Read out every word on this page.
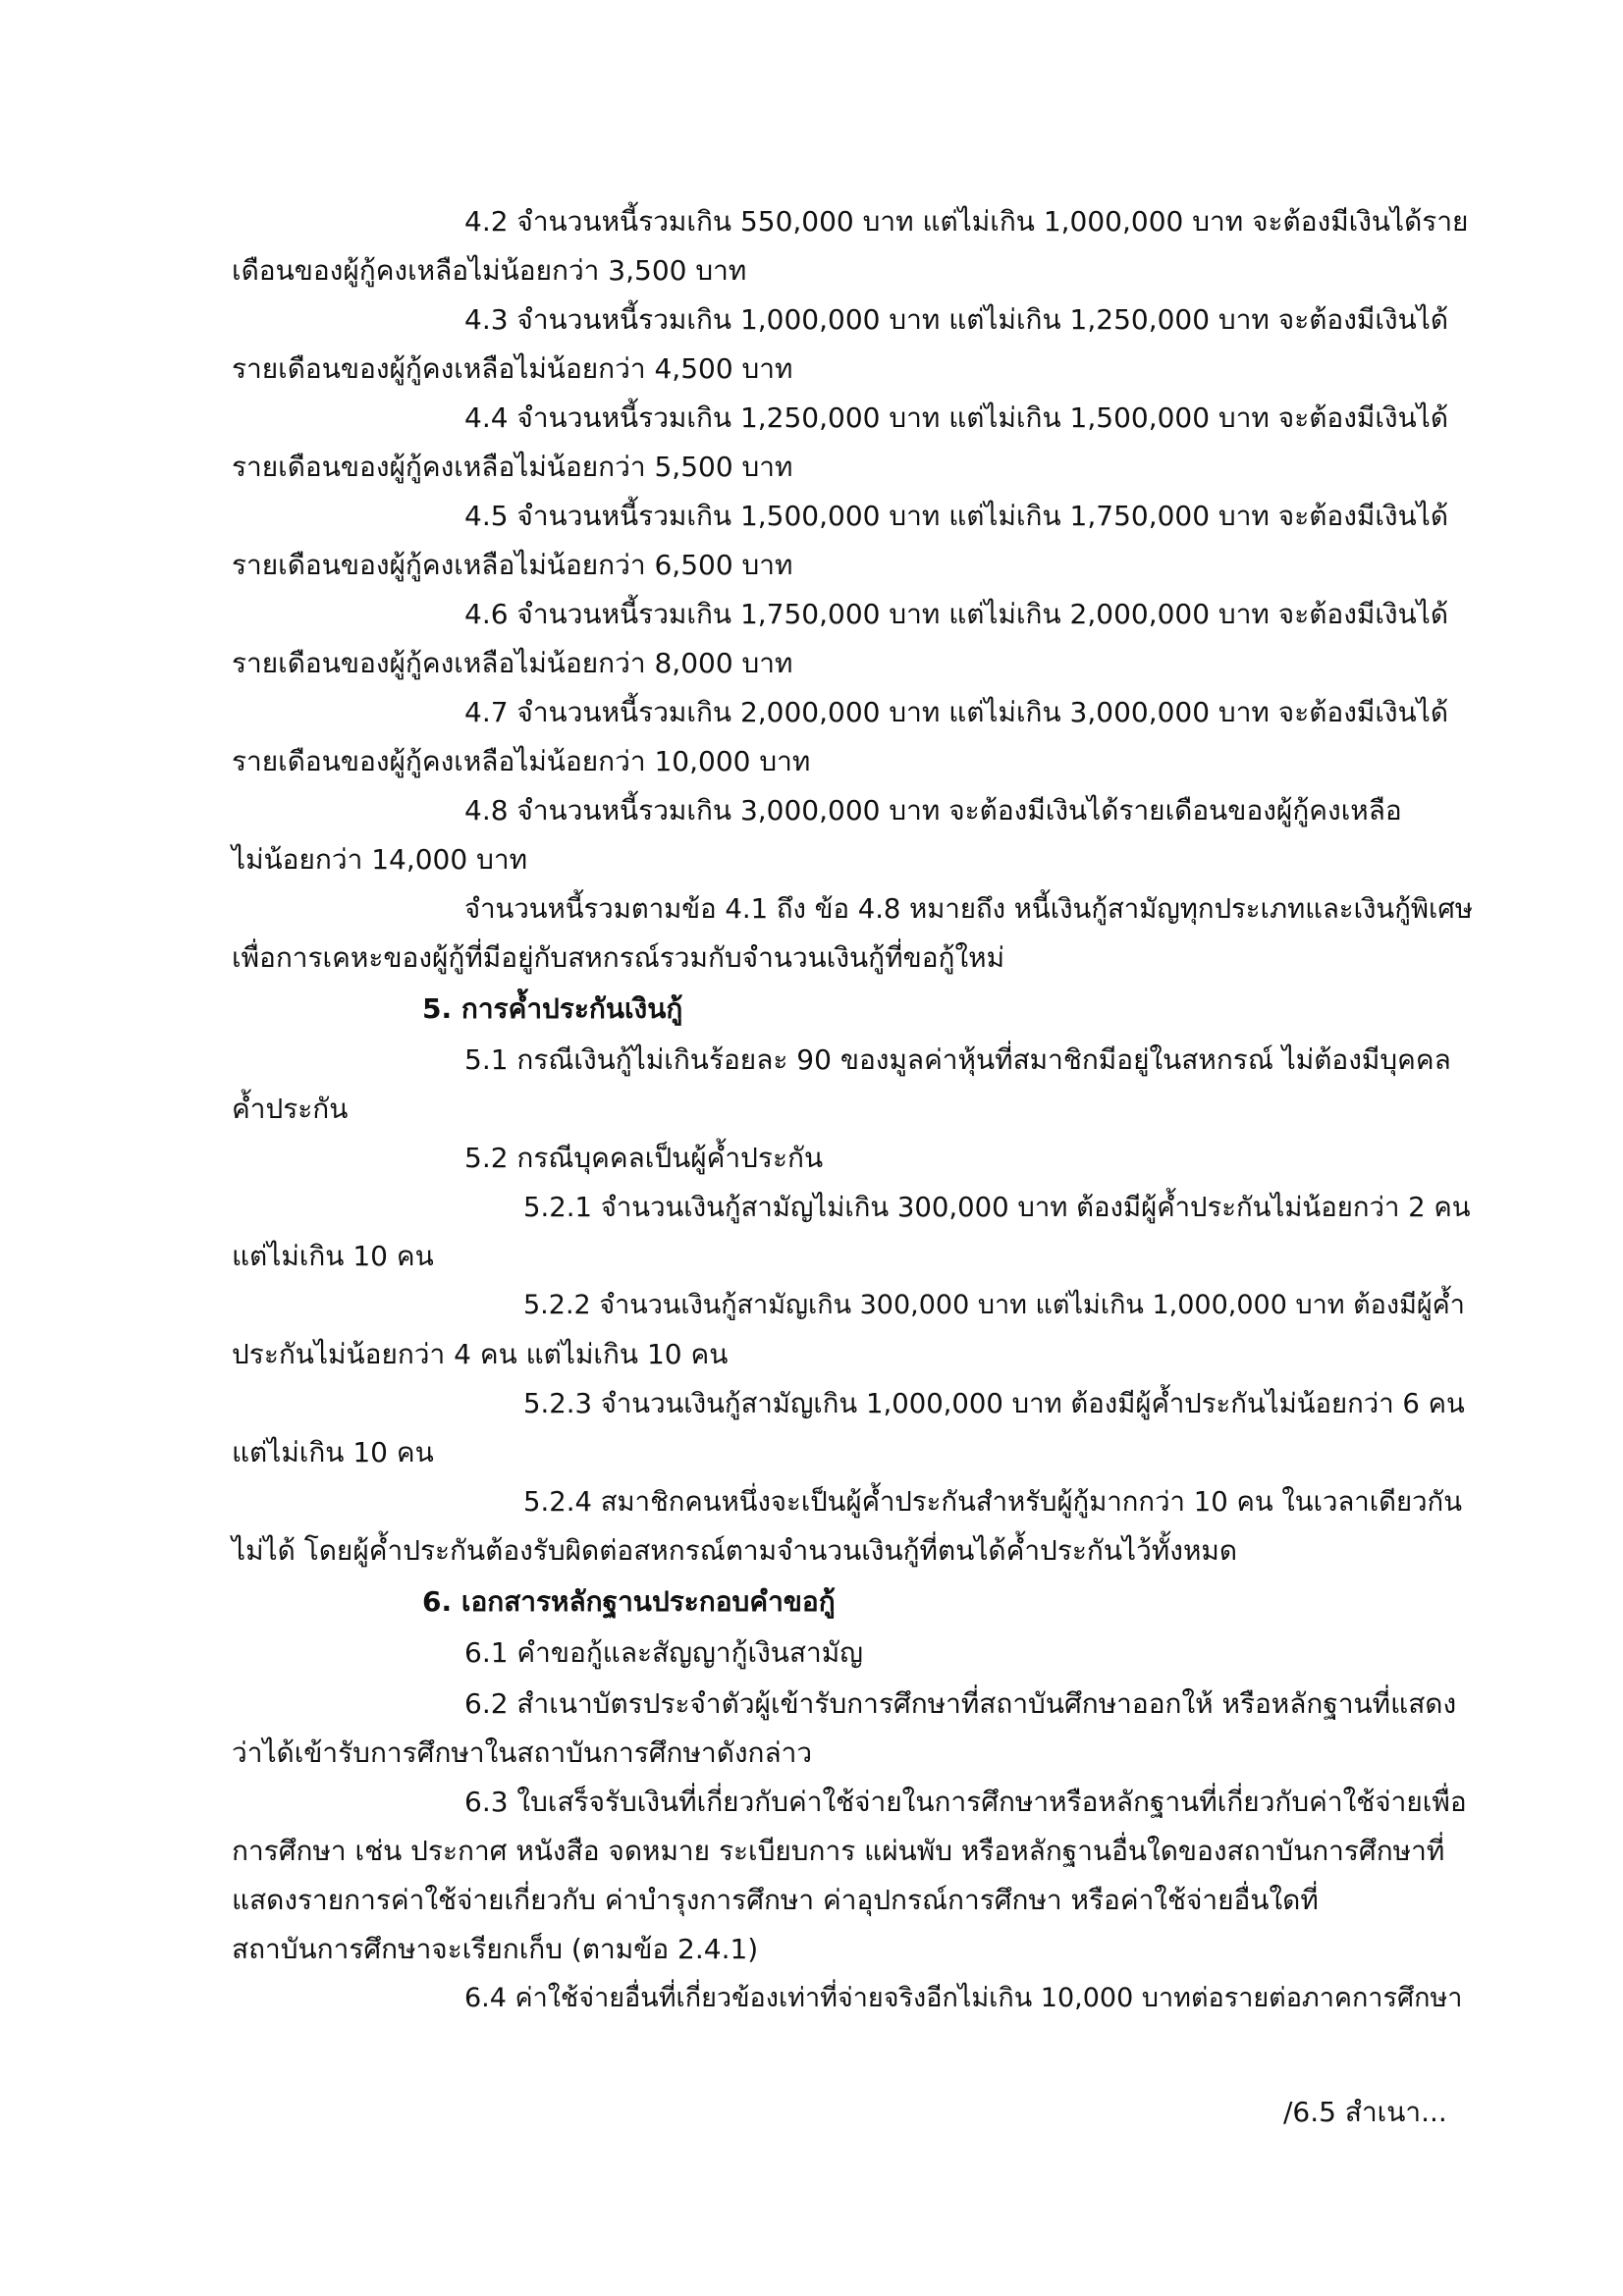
4.2 จำนวนหนี้รวมเกิน 550,000 บาท แต่ไม่เกิน 1,000,000 บาท จะต้องมีเงินได้ราย
เดือนของผู้กู้คงเหลือไม่น้อยกว่า 3,500 บาท
4.3 จำนวนหนี้รวมเกิน 1,000,000 บาท แต่ไม่เกิน 1,250,000 บาท จะต้องมีเงินได้
รายเดือนของผู้กู้คงเหลือไม่น้อยกว่า 4,500 บาท
4.4 จำนวนหนี้รวมเกิน 1,250,000 บาท แต่ไม่เกิน 1,500,000 บาท จะต้องมีเงินได้
รายเดือนของผู้กู้คงเหลือไม่น้อยกว่า 5,500 บาท
4.5 จำนวนหนี้รวมเกิน 1,500,000 บาท แต่ไม่เกิน 1,750,000 บาท จะต้องมีเงินได้
รายเดือนของผู้กู้คงเหลือไม่น้อยกว่า 6,500 บาท
4.6 จำนวนหนี้รวมเกิน 1,750,000 บาท แต่ไม่เกิน 2,000,000 บาท จะต้องมีเงินได้
รายเดือนของผู้กู้คงเหลือไม่น้อยกว่า 8,000 บาท
4.7 จำนวนหนี้รวมเกิน 2,000,000 บาท แต่ไม่เกิน 3,000,000 บาท จะต้องมีเงินได้
รายเดือนของผู้กู้คงเหลือไม่น้อยกว่า 10,000 บาท
4.8 จำนวนหนี้รวมเกิน 3,000,000 บาท จะต้องมีเงินได้รายเดือนของผู้กู้คงเหลือ
ไม่น้อยกว่า 14,000 บาท
จำนวนหนี้รวมตามข้อ 4.1 ถึง ข้อ 4.8 หมายถึง หนี้เงินกู้สามัญทุกประเภทและเงินกู้พิเศษ
เพื่อการเคหะของผู้กู้ที่มีอยู่กับสหกรณ์รวมกับจำนวนเงินกู้ที่ขอกู้ใหม่
5. การค้ำประกันเงินกู้
5.1 กรณีเงินกู้ไม่เกินร้อยละ 90 ของมูลค่าหุ้นที่สมาชิกมีอยู่ในสหกรณ์ ไม่ต้องมีบุคคล
ค้ำประกัน
5.2 กรณีบุคคลเป็นผู้ค้ำประกัน
5.2.1 จำนวนเงินกู้สามัญไม่เกิน 300,000 บาท ต้องมีผู้ค้ำประกันไม่น้อยกว่า 2 คน
แต่ไม่เกิน 10 คน
5.2.2 จำนวนเงินกู้สามัญเกิน 300,000 บาท แต่ไม่เกิน 1,000,000 บาท ต้องมีผู้ค้ำ
ประกันไม่น้อยกว่า 4 คน แต่ไม่เกิน 10 คน
5.2.3 จำนวนเงินกู้สามัญเกิน 1,000,000 บาท ต้องมีผู้ค้ำประกันไม่น้อยกว่า 6 คน
แต่ไม่เกิน 10 คน
5.2.4 สมาชิกคนหนึ่งจะเป็นผู้ค้ำประกันสำหรับผู้กู้มากกว่า 10 คน ในเวลาเดียวกัน
ไม่ได้ โดยผู้ค้ำประกันต้องรับผิดต่อสหกรณ์ตามจำนวนเงินกู้ที่ตนได้ค้ำประกันไว้ทั้งหมด
6. เอกสารหลักฐานประกอบคำขอกู้
6.1 คำขอกู้และสัญญากู้เงินสามัญ
6.2 สำเนาบัตรประจำตัวผู้เข้ารับการศึกษาที่สถาบันศึกษาออกให้ หรือหลักฐานที่แสดง
ว่าได้เข้ารับการศึกษาในสถาบันการศึกษาดังกล่าว
6.3 ใบเสร็จรับเงินที่เกี่ยวกับค่าใช้จ่ายในการศึกษาหรือหลักฐานที่เกี่ยวกับค่าใช้จ่ายเพื่อ
การศึกษา เช่น ประกาศ หนังสือ จดหมาย ระเบียบการ แผ่นพับ หรือหลักฐานอื่นใดของสถาบันการศึกษาที่
แสดงรายการค่าใช้จ่ายเกี่ยวกับ ค่าบำรุงการศึกษา ค่าอุปกรณ์การศึกษา หรือค่าใช้จ่ายอื่นใดที่
สถาบันการศึกษาจะเรียกเก็บ (ตามข้อ 2.4.1)
6.4 ค่าใช้จ่ายอื่นที่เกี่ยวข้องเท่าที่จ่ายจริงอีกไม่เกิน 10,000 บาทต่อรายต่อภาคการศึกษา
/6.5 สำเนา...
